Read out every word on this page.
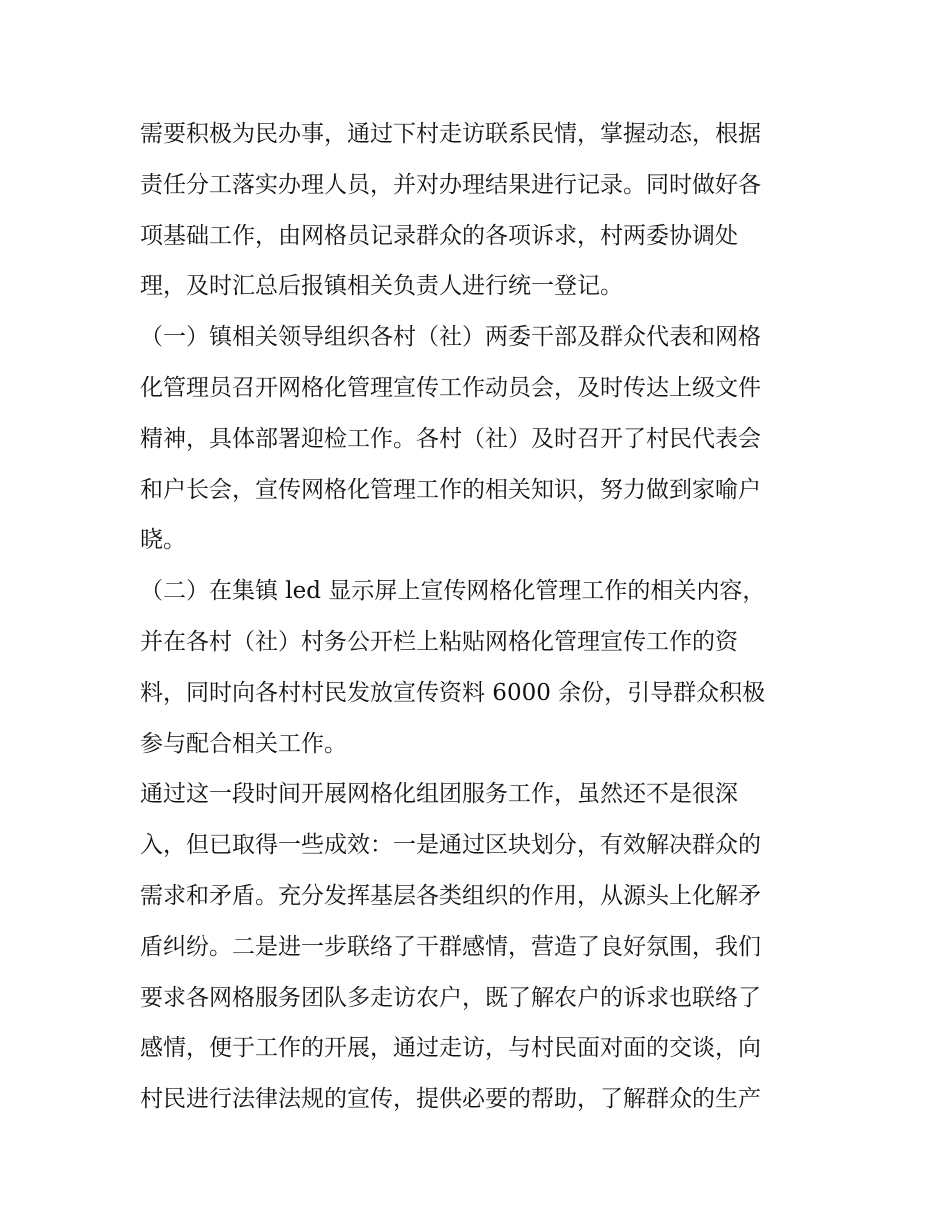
需要积极为民办事，通过下村走访联系民情，掌握动态，根据
责任分工落实办理人员，并对办理结果进行记录。同时做好各
项基础工作，由网格员记录群众的各项诉求，村两委协调处
理，及时汇总后报镇相关负责人进行统一登记。
（一）镇相关领导组织各村（社）两委干部及群众代表和网格
化管理员召开网格化管理宣传工作动员会，及时传达上级文件
精神，具体部署迎检工作。各村（社）及时召开了村民代表会
和户长会，宣传网格化管理工作的相关知识，努力做到家喻户
晓。
（二）在集镇 led 显示屏上宣传网格化管理工作的相关内容，
并在各村（社）村务公开栏上粘贴网格化管理宣传工作的资
料，同时向各村村民发放宣传资料 6000 余份，引导群众积极
参与配合相关工作。
通过这一段时间开展网格化组团服务工作，虽然还不是很深
入，但已取得一些成效：一是通过区块划分，有效解决群众的
需求和矛盾。充分发挥基层各类组织的作用，从源头上化解矛
盾纠纷。二是进一步联络了干群感情，营造了良好氛围，我们
要求各网格服务团队多走访农户，既了解农户的诉求也联络了
感情，便于工作的开展，通过走访，与村民面对面的交谈，向
村民进行法律法规的宣传，提供必要的帮助，了解群众的生产
